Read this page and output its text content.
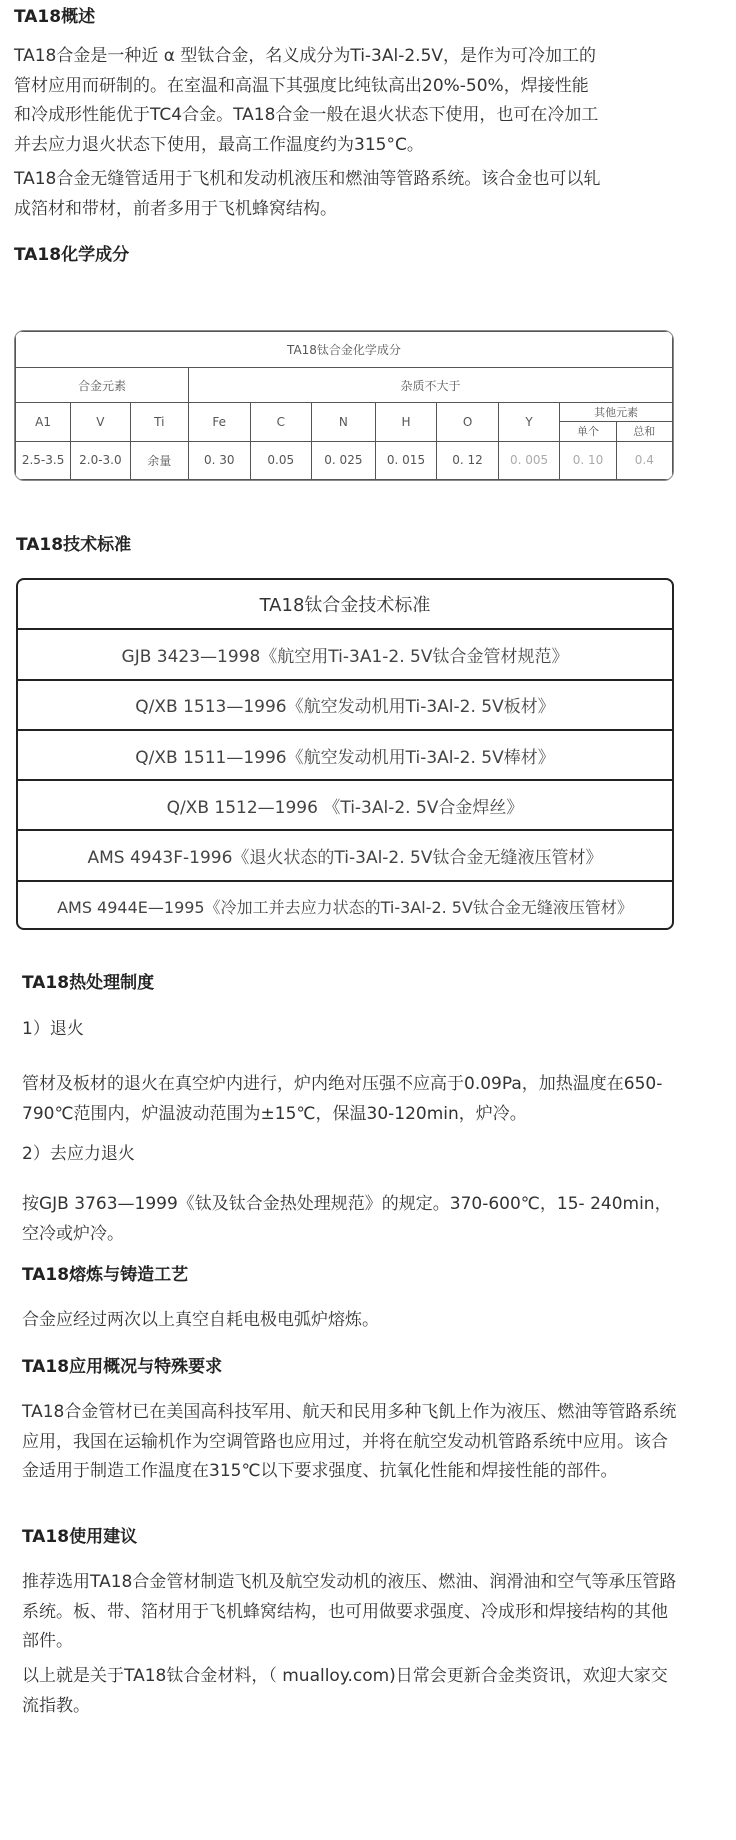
TA18概述

TA18合金是一种近 α 型钛合金，名义成分为Ti-3Al-2.5V，是作为可冷加工的管材应用而研制的。在室温和高温下其强度比纯钛高出20%-50%，焊接性能和冷成形性能优于TC4合金。TA18合金一般在退火状态下使用，也可在冷加工并去应力退火状态下使用，最高工作温度约为315°C。

TA18合金无缝管适用于飞机和发动机液压和燃油等管路系统。该合金也可以轧成箔材和带材，前者多用于飞机蜂窝结构。

TA18化学成分
TA18钛合金化学成分										
合金元素			杂质不大于							
A1	V	Ti	Fe	C	N	H	O	Y	其他元素	
									单个	总和
2.5-3.5	2.0-3.0	余量	0. 30	0.05	0. 025	0. 015	0. 12	0. 005	0. 10	0.4
TA18技术标准
TA18钛合金技术标准
GJB 3423—1998《航空用Ti-3A1-2. 5V钛合金管材规范》
Q/XB 1513—1996《航空发动机用Ti-3Al-2. 5V板材》
Q/XB 1511—1996《航空发动机用Ti-3Al-2. 5V棒材》
Q/XB 1512—1996 《Ti-3Al-2. 5V合金焊丝》
AMS 4943F-1996《退火状态的Ti-3Al-2. 5V钛合金无缝液压管材》
AMS 4944E—1995《冷加工并去应力状态的Ti-3Al-2. 5V钛合金无缝液压管材》
TA18热处理制度

1）退火

管材及板材的退火在真空炉内进行，炉内绝对压强不应高于0.09Pa，加热温度在650-790℃范围内，炉温波动范围为±15℃，保温30-120min，炉冷。

2）去应力退火

按GJB 3763—1999《钛及钛合金热处理规范》的规定。370-600℃，15- 240min，空冷或炉冷。

TA18熔炼与铸造工艺

合金应经过两次以上真空自耗电极电弧炉熔炼。

TA18应用概况与特殊要求

TA18合金管材已在美国高科技军用、航天和民用多种飞飢上作为液压、燃油等管路系统应用，我国在运输机作为空调管路也应用过，并将在航空发动机管路系统中应用。该合金适用于制造工作温度在315℃以下要求强度、抗氧化性能和焊接性能的部件。

TA18使用建议

推荐选用TA18合金管材制造飞机及航空发动机的液压、燃油、润滑油和空气等承压管路系统。板、带、箔材用于飞机蜂窝结构，也可用做要求强度、冷成形和焊接结构的其他部件。

以上就是关于TA18钛合金材料，（ mualloy.com)日常会更新合金类资讯，欢迎大家交流指教。
